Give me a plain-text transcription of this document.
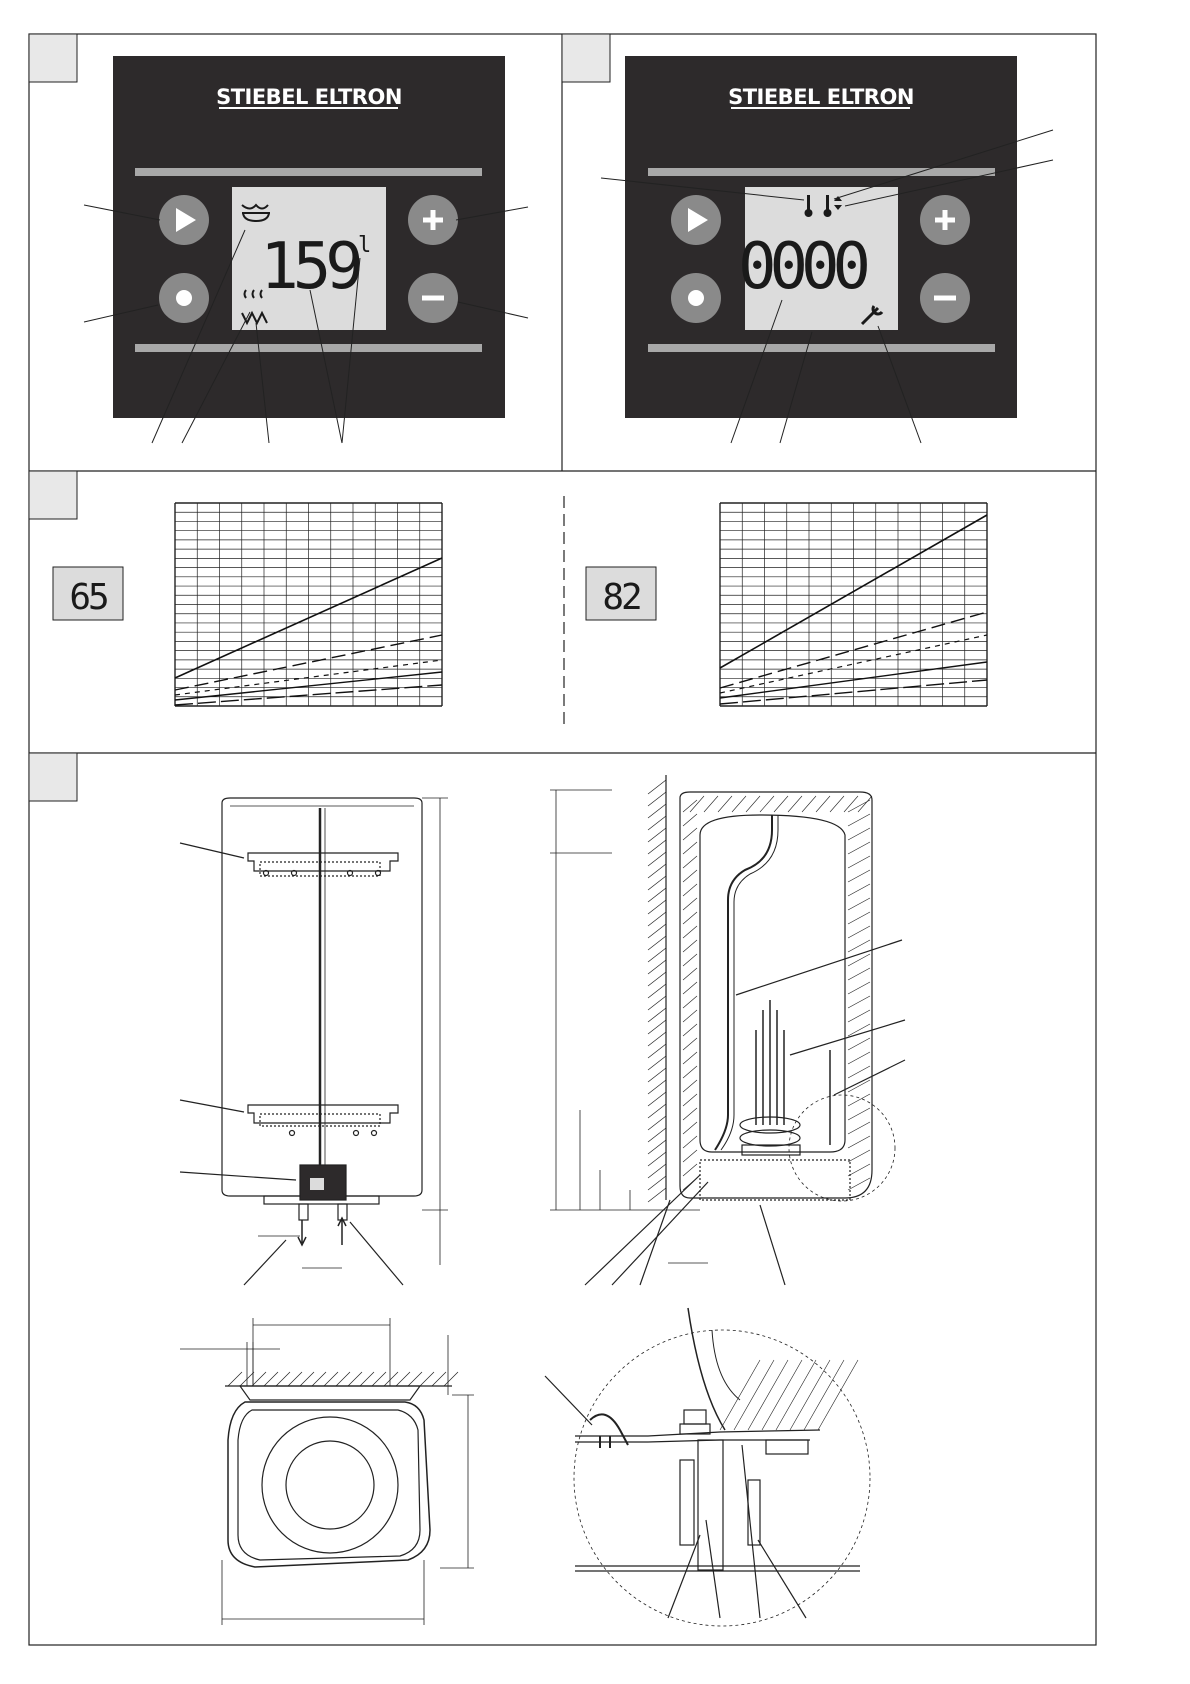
STIEBEL ELTRON
159 l
STIEBEL ELTRON
0000
65	82
